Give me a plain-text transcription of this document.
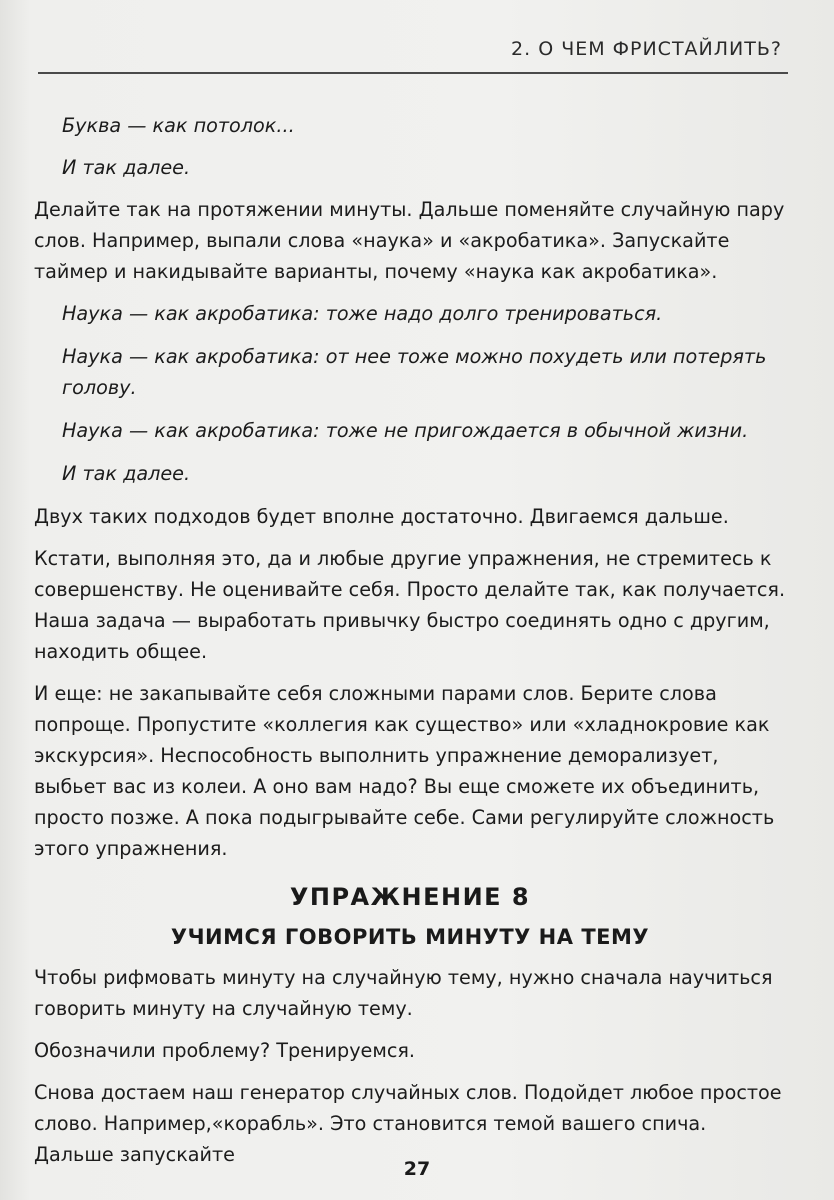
2. О ЧЕМ ФРИСТАЙЛИТЬ?

Буква — как потолок...

И так далее.

Делайте так на протяжении минуты. Дальше поменяйте случайную пару слов. Например, выпали слова «наука» и «акробатика». Запускайте таймер и накидывайте варианты, почему «наука как акробатика».

Наука — как акробатика: тоже надо долго тренироваться.

Наука — как акробатика: от нее тоже можно похудеть или потерять голову.

Наука — как акробатика: тоже не пригождается в обычной жизни.

И так далее.

Двух таких подходов будет вполне достаточно. Двигаемся дальше.

Кстати, выполняя это, да и любые другие упражнения, не стремитесь к совершенству. Не оценивайте себя. Просто делайте так, как получается. Наша задача — выработать привычку быстро соединять одно с другим, находить общее.

И еще: не закапывайте себя сложными парами слов. Берите слова попроще. Пропустите «коллегия как существо» или «хладнокровие как экскурсия». Неспособность выполнить упражнение деморализует, выбьет вас из колеи. А оно вам надо? Вы еще сможете их объединить, просто позже. А пока подыгрывайте себе. Сами регулируйте сложность этого упражнения.

УПРАЖНЕНИЕ 8
УЧИМСЯ ГОВОРИТЬ МИНУТУ НА ТЕМУ

Чтобы рифмовать минуту на случайную тему, нужно сначала научиться говорить минуту на случайную тему.

Обозначили проблему? Тренируемся.

Снова достаем наш генератор случайных слов. Подойдет любое простое слово. Например,«корабль». Это становится темой вашего спича. Дальше запускайте

27
